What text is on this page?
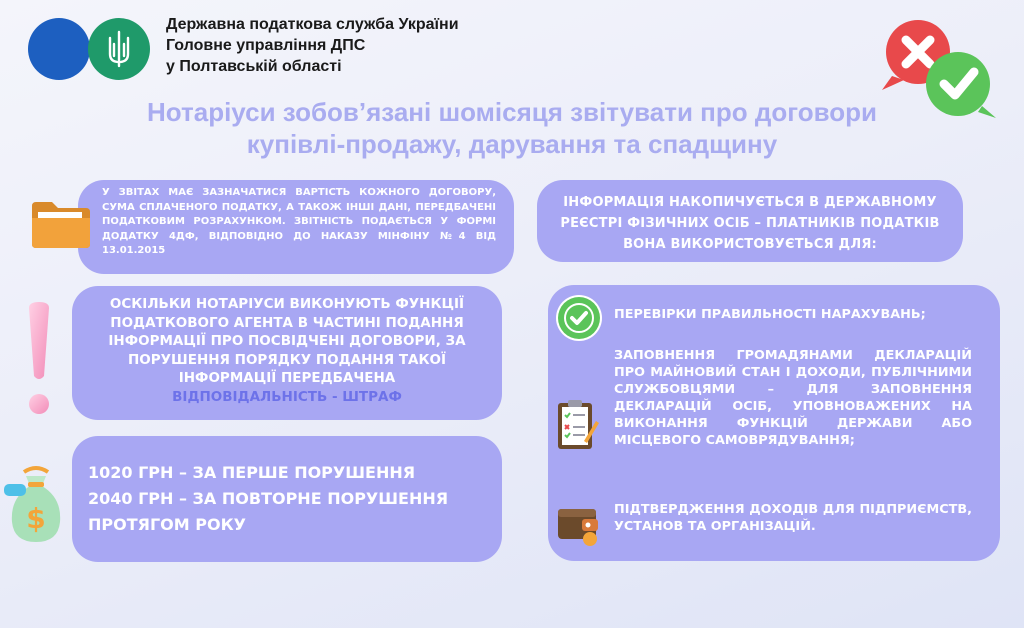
Державна податкова служба України
Головне управління ДПС
у Полтавській області
Нотаріуси зобов’язані шомісяця звітувати про договори
купівлі-продажу, дарування та спадщину
У ЗВІТАХ МАЄ ЗАЗНАЧАТИСЯ ВАРТІСТЬ КОЖНОГО ДОГОВОРУ, СУМА СПЛАЧЕНОГО ПОДАТКУ, А ТАКОЖ ІНШІ ДАНІ, ПЕРЕДБАЧЕНІ ПОДАТКОВИМ РОЗРАХУНКОМ. ЗВІТНІСТЬ ПОДАЄТЬСЯ У ФОРМІ ДОДАТКУ 4ДФ, ВІДПОВІДНО ДО НАКАЗУ МІНФІНУ №4 ВІД 13.01.2015
ІНФОРМАЦІЯ НАКОПИЧУЄТЬСЯ В ДЕРЖАВНОМУ РЕЄСТРІ ФІЗИЧНИХ ОСІБ – ПЛАТНИКІВ ПОДАТКІВ ВОНА ВИКОРИСТОВУЄТЬСЯ ДЛЯ:
ОСКІЛЬКИ НОТАРІУСИ ВИКОНУЮТЬ ФУНКЦІЇ ПОДАТКОВОГО АГЕНТА В ЧАСТИНІ ПОДАННЯ ІНФОРМАЦІЇ ПРО ПОСВІДЧЕНІ ДОГОВОРИ, ЗА ПОРУШЕННЯ ПОРЯДКУ ПОДАННЯ ТАКОЇ ІНФОРМАЦІЇ ПЕРЕДБАЧЕНА
ВІДПОВІДАЛЬНІСТЬ - ШТРАФ
$
1020 ГРН – ЗА ПЕРШЕ ПОРУШЕННЯ
2040 ГРН – ЗА ПОВТОРНЕ ПОРУШЕННЯ ПРОТЯГОМ РОКУ
ПЕРЕВІРКИ ПРАВИЛЬНОСТІ НАРАХУВАНЬ;
ЗАПОВНЕННЯ ГРОМАДЯНАМИ ДЕКЛАРАЦІЙ ПРО МАЙНОВИЙ СТАН І ДОХОДИ, ПУБЛІЧНИМИ СЛУЖБОВЦЯМИ – ДЛЯ ЗАПОВНЕННЯ ДЕКЛАРАЦІЙ ОСІБ, УПОВНОВАЖЕНИХ НА ВИКОНАННЯ ФУНКЦІЙ ДЕРЖАВИ АБО МІСЦЕВОГО САМОВРЯДУВАННЯ;
ПІДТВЕРДЖЕННЯ ДОХОДІВ ДЛЯ ПІДПРИЄМСТВ, УСТАНОВ ТА ОРГАНІЗАЦІЙ.
